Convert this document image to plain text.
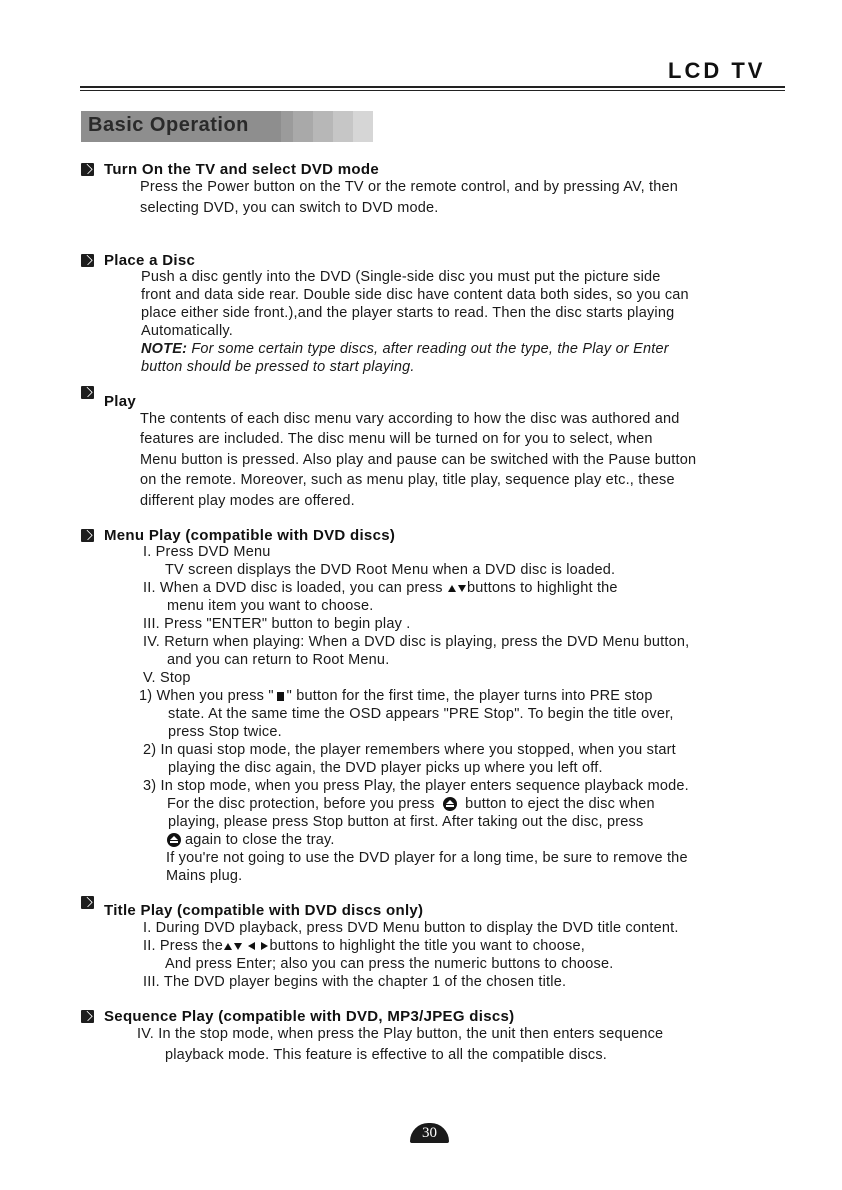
LCD TV
Basic Operation
Turn On the TV and select DVD mode
Press the Power button on the TV or the remote control, and by pressing AV, then
selecting DVD, you can switch to DVD mode.
Place a Disc
Push a disc gently into the DVD (Single-side disc you must put the picture side
front and data side rear. Double side disc have content data both sides, so you can
place either side front.),and the player starts to read. Then the disc starts playing
Automatically.
NOTE: For some certain type discs, after reading out the type, the Play or Enter
button should be pressed to start playing.
Play
The contents of each disc menu vary according to how the disc was authored and
features are included. The disc menu will be turned on for you to select, when
Menu button is pressed. Also play and pause can be switched with the Pause button
on the remote. Moreover, such as menu play, title play, sequence play etc., these
different play modes are offered.
Menu Play (compatible with DVD discs)
I. Press DVD Menu
TV screen displays the DVD Root Menu when a DVD disc is loaded.
II. When a DVD disc is loaded, you can press buttons to highlight the
menu item you want to choose.
III. Press "ENTER" button to begin play .
IV. Return when playing: When a DVD disc is playing, press the DVD Menu button,
and you can return to Root Menu.
V. Stop
1) When you press " " button for the first time, the player turns into PRE stop
state. At the same time the OSD appears "PRE Stop". To begin the title over,
press Stop twice.
2) In quasi stop mode, the player remembers where you stopped, when you start
playing the disc again, the DVD player picks up where you left off.
3) In stop mode, when you press Play, the player enters sequence playback mode.
For the disc protection, before you press  button to eject the disc when
playing, please press Stop button at first. After taking out the disc, press
again to close the tray.
If you're not going to use the DVD player for a long time, be sure to remove the
Mains plug.
Title Play (compatible with DVD discs only)
I. During DVD playback, press DVD Menu button to display the DVD title content.
II. Press the	buttons to highlight the title you want to choose,
And press Enter; also you can press the numeric buttons to choose.
III. The DVD player begins with the chapter 1 of the chosen title.
Sequence Play (compatible with DVD, MP3/JPEG discs)
IV. In the stop mode, when press the Play button, the unit then enters sequence
playback mode. This feature is effective to all the compatible discs.
30
